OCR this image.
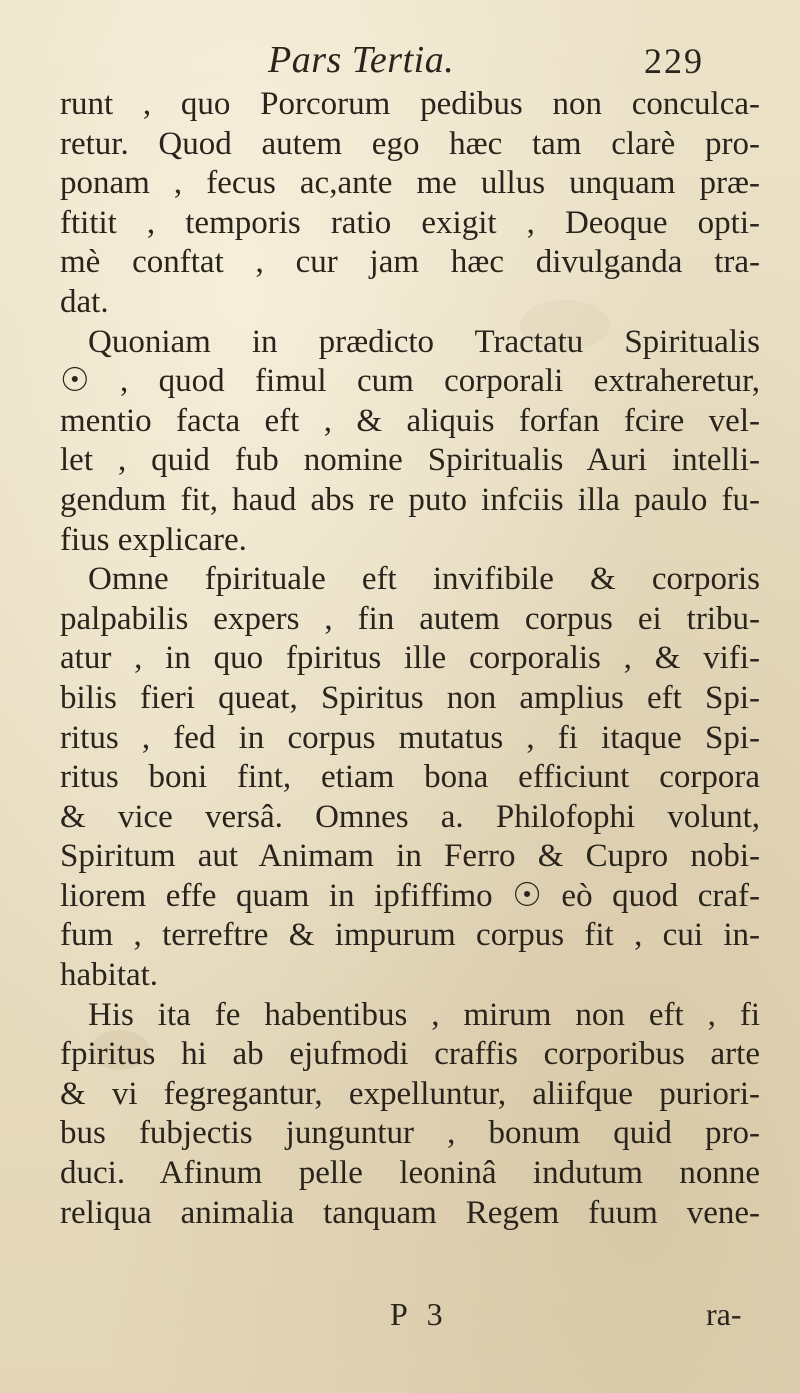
Pars Tertia.	229
runt , quo Porcorum pedibus non conculca-
retur. Quod autem ego hæc tam clarè pro-
ponam , fecus ac,ante me ullus unquam præ-
ftitit , temporis ratio exigit , Deoque opti-
mè conftat , cur jam hæc divulganda tra-
dat.
Quoniam in prædicto Tractatu Spiritualis
☉ , quod fimul cum corporali extraheretur,
mentio facta eft , & aliquis forfan fcire vel-
let , quid fub nomine Spiritualis Auri intelli-
gendum fit, haud abs re puto infciis illa paulo fu-
fius explicare.
Omne fpirituale eft invifibile & corporis
palpabilis expers , fin autem corpus ei tribu-
atur , in quo fpiritus ille corporalis , & vifi-
bilis fieri queat, Spiritus non amplius eft Spi-
ritus , fed in corpus mutatus , fi itaque Spi-
ritus boni fint, etiam bona efficiunt corpora
& vice versâ. Omnes a. Philofophi volunt,
Spiritum aut Animam in Ferro & Cupro nobi-
liorem effe quam in ipfiffimo ☉ eò quod craf-
fum , terreftre & impurum corpus fit , cui in-
habitat.
His ita fe habentibus , mirum non eft , fi
fpiritus hi ab ejufmodi craffis corporibus arte
& vi fegregantur, expelluntur, aliifque puriori-
bus fubjectis junguntur , bonum quid pro-
duci. Afinum pelle leoninâ indutum nonne
reliqua animalia tanquam Regem fuum vene-
P 3	ra-
